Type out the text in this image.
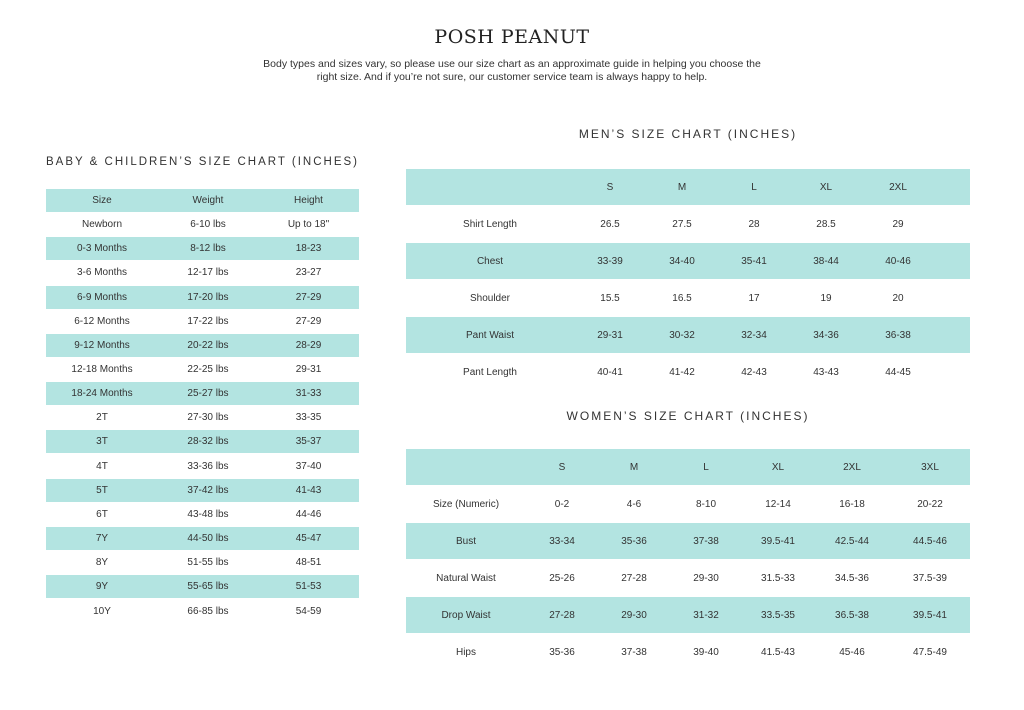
POSH PEANUT
Body types and sizes vary, so please use our size chart as an approximate guide in helping you choose the right size. And if you’re not sure, our customer service team is always happy to help.
BABY & CHILDREN’S SIZE CHART (INCHES)
Size	Weight	Height
Newborn	6-10 lbs	Up to 18"
0-3 Months	8-12 lbs	18-23
3-6 Months	12-17 lbs	23-27
6-9 Months	17-20 lbs	27-29
6-12 Months	17-22 lbs	27-29
9-12 Months	20-22 lbs	28-29
12-18 Months	22-25 lbs	29-31
18-24 Months	25-27 lbs	31-33
2T	27-30 lbs	33-35
3T	28-32 lbs	35-37
4T	33-36 lbs	37-40
5T	37-42 lbs	41-43
6T	43-48 lbs	44-46
7Y	44-50 lbs	45-47
8Y	51-55 lbs	48-51
9Y	55-65 lbs	51-53
10Y	66-85 lbs	54-59
MEN’S SIZE CHART (INCHES)
	S	M	L	XL	2XL	
Shirt Length	26.5	27.5	28	28.5	29	
Chest	33-39	34-40	35-41	38-44	40-46	
Shoulder	15.5	16.5	17	19	20	
Pant Waist	29-31	30-32	32-34	34-36	36-38	
Pant Length	40-41	41-42	42-43	43-43	44-45	
WOMEN’S SIZE CHART (INCHES)
	S	M	L	XL	2XL	3XL
Size (Numeric)	0-2	4-6	8-10	12-14	16-18	20-22
Bust	33-34	35-36	37-38	39.5-41	42.5-44	44.5-46
Natural Waist	25-26	27-28	29-30	31.5-33	34.5-36	37.5-39
Drop Waist	27-28	29-30	31-32	33.5-35	36.5-38	39.5-41
Hips	35-36	37-38	39-40	41.5-43	45-46	47.5-49
